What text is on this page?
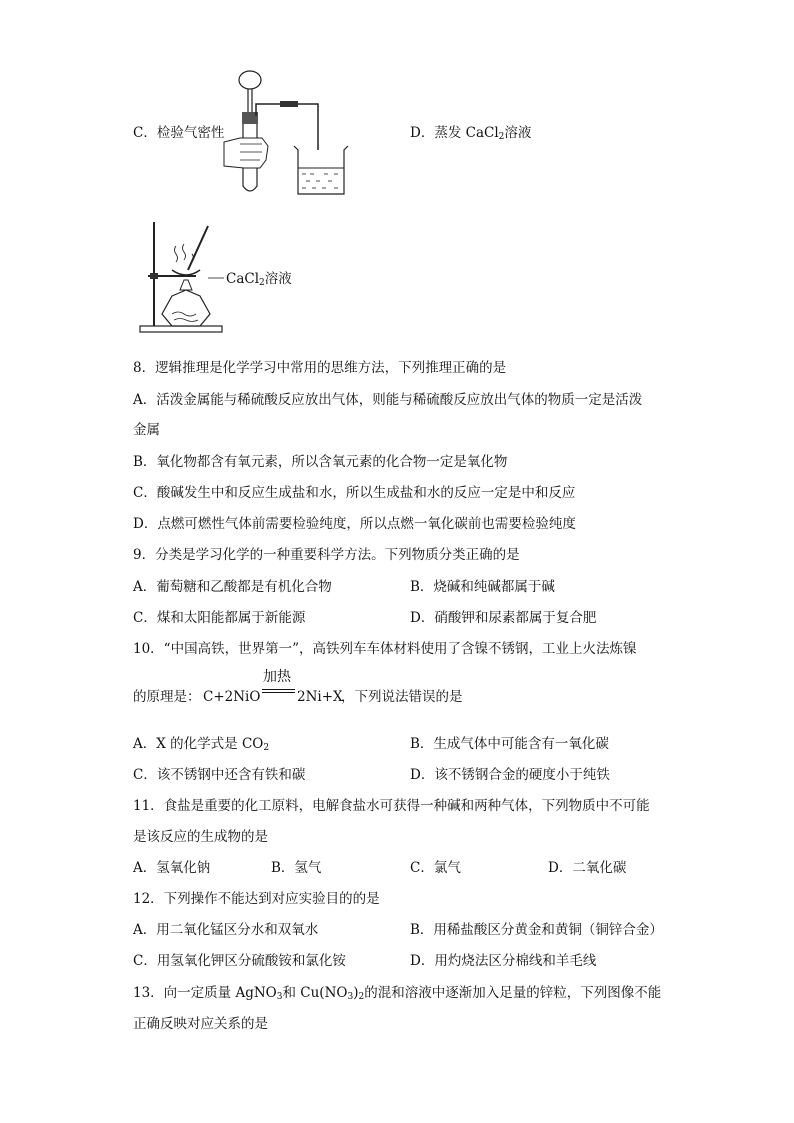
C．检验气密性	D．蒸发 CaCl$_2$溶液
CaCl$_2$溶液
8．逻辑推理是化学学习中常用的思维方法，下列推理正确的是
A．活泼金属能与稀硫酸反应放出气体，则能与稀硫酸反应放出气体的物质一定是活泼
金属
B．氧化物都含有氧元素，所以含氧元素的化合物一定是氧化物
C．酸碱发生中和反应生成盐和水，所以生成盐和水的反应一定是中和反应
D．点燃可燃性气体前需要检验纯度，所以点燃一氧化碳前也需要检验纯度
9．分类是学习化学的一种重要科学方法。下列物质分类正确的是
A．葡萄糖和乙酸都是有机化合物	B．烧碱和纯碱都属于碱
C．煤和太阳能都属于新能源	D．硝酸钾和尿素都属于复合肥
10．“中国高铁，世界第一”，高铁列车车体材料使用了含镍不锈钢，工业上火法炼镍
的原理是： C+2NiO
加热
2Ni+X
，下列说法错误的是
A．X 的化学式是 $CO_2$	B．生成气体中可能含有一氧化碳
C．该不锈钢中还含有铁和碳	D．该不锈钢合金的硬度小于纯铁
11．食盐是重要的化工原料，电解食盐水可获得一种碱和两种气体，下列物质中不可能
是该反应的生成物的是
A．氢氧化钠	B．氢气	C．氯气	D．二氧化碳
12．下列操作不能达到对应实验目的的是
A．用二氧化锰区分水和双氧水	B．用稀盐酸区分黄金和黄铜（铜锌合金）
C．用氢氧化钾区分硫酸铵和氯化铵	D．用灼烧法区分棉线和羊毛线
13．向一定质量 AgNO$_3$和 $Cu(NO_3)_2$的混和溶液中逐渐加入足量的锌粒，下列图像不能
正确反映对应关系的是
